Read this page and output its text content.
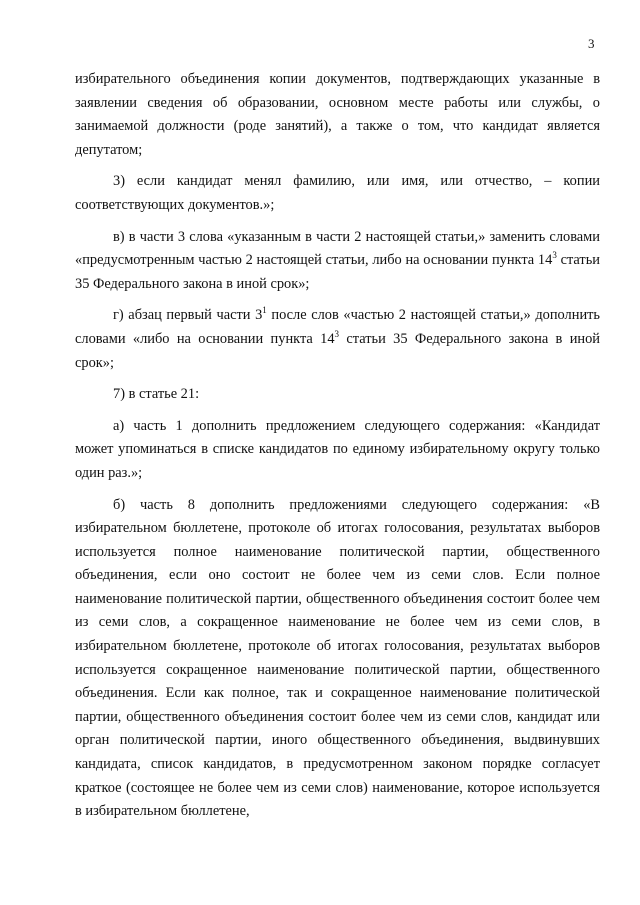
3

избирательного объединения копии документов, подтверждающих указанные в заявлении сведения об образовании, основном месте работы или службы, о занимаемой должности (роде занятий), а также о том, что кандидат является депутатом;

3) если кандидат менял фамилию, или имя, или отчество, – копии соответствующих документов.»;

в) в части 3 слова «указанным в части 2 настоящей статьи,» заменить словами «предусмотренным частью 2 настоящей статьи, либо на основании пункта $14^3$ статьи 35 Федерального закона в иной срок»;

г) абзац первый части $3^1$ после слов «частью 2 настоящей статьи,» дополнить словами «либо на основании пункта $14^3$ статьи 35 Федерального закона в иной срок»;

7) в статье 21:

а) часть 1 дополнить предложением следующего содержания: «Кандидат может упоминаться в списке кандидатов по единому избирательному округу только один раз.»;

б) часть 8 дополнить предложениями следующего содержания: «В избирательном бюллетене, протоколе об итогах голосования, результатах выборов используется полное наименование политической партии, общественного объединения, если оно состоит не более чем из семи слов. Если полное наименование политической партии, общественного объединения состоит более чем из семи слов, а сокращенное наименование не более чем из семи слов, в избирательном бюллетене, протоколе об итогах голосования, результатах выборов используется сокращенное наименование политической партии, общественного объединения. Если как полное, так и сокращенное наименование политической партии, общественного объединения состоит более чем из семи слов, кандидат или орган политической партии, иного общественного объединения, выдвинувших кандидата, список кандидатов, в предусмотренном законом порядке согласует краткое (состоящее не более чем из семи слов) наименование, которое используется в избирательном бюллетене,
